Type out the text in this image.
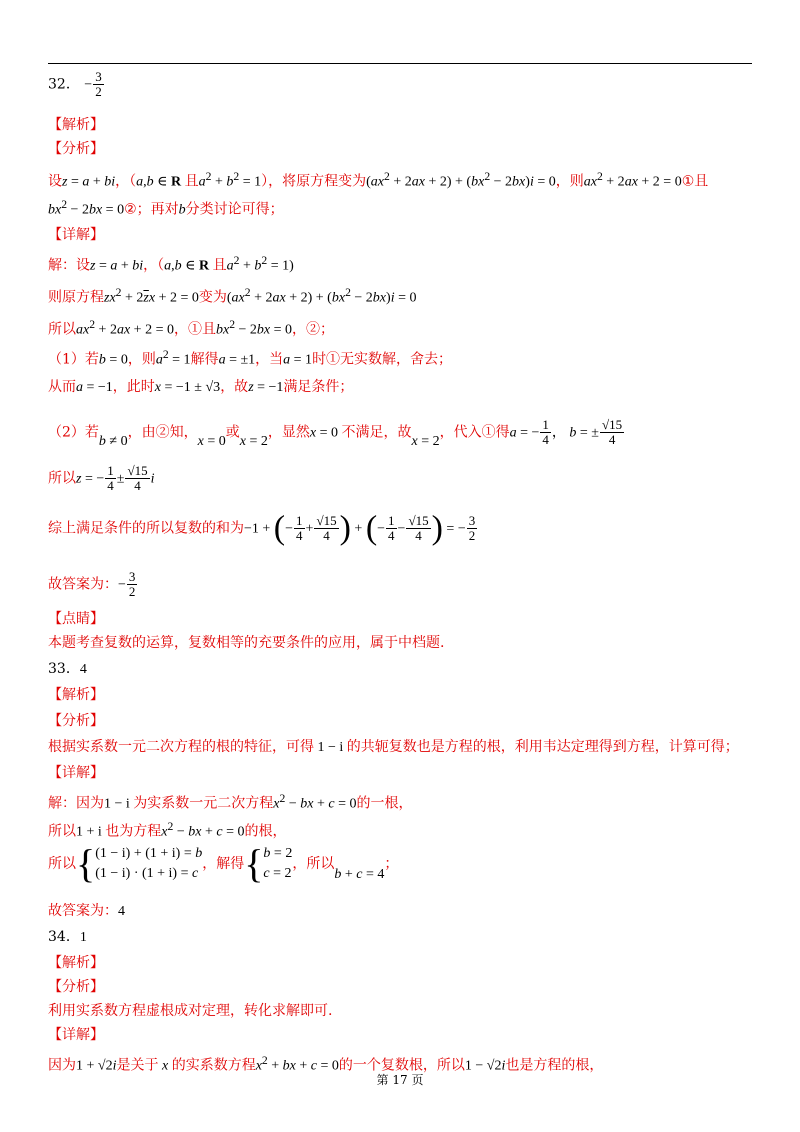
32． − $\frac{3}{2}$
【解析】
【分析】
设z = a + bi，（a,b ∈ R 且$a^2 + b^2 = 1$），将原方程变为$(ax^2 + 2ax + 2) + (bx^2 - 2bx)i = 0$，则$ax^2 + 2ax + 2$ = 0①且
$bx^2 - 2bx$ = 0②；再对b分类讨论可得；
【详解】
解：设z = a + bi，（a,b ∈ R 且$a^2 + b^2 = 1$)
则原方程$zx^2 + 2\overline{z}x + 2 = 0$变为$(ax^2 + 2ax + 2) + (bx^2 - 2bx)i = 0$
所以$ax^2 + 2ax + 2 = 0$，①且$bx^2 - 2bx = 0$，②；
（1）若b = 0，则$a^2 = 1$解得a = ±1，当a = 1时①无实数解，舍去；
从而a = −1，此时x = −1 ± √3，故z = −1满足条件；
（2）若b ≠ 0，由②知，x = 0或x = 2，显然x = 0 不满足，故x = 2，代入①得a = − $\frac{1}{4}$ ， b = ± $\frac{√15}{4}$
所以z = − $\frac{1}{4} \pm \frac{√15}{4}$ i
综上满足条件的所以复数的和为−1 + (− $\frac{1}{4} + \frac{√15}{4}$ ) + (− $\frac{1}{4} - \frac{√15}{4}$ ) = − $\frac{3}{2}$
故答案为：− $\frac{3}{2}$
【点睛】
本题考查复数的运算，复数相等的充要条件的应用，属于中档题.
33．4
【解析】
【分析】
根据实系数一元二次方程的根的特征，可得 1 − i 的共轭复数也是方程的根，利用韦达定理得到方程，计算可得；
【详解】
解：因为1 − i 为实系数一元二次方程$x^2$ − bx + c = 0的一根，
所以1 + i 也为方程$x^2$ − bx + c = 0的根，
所以{ (1 − i) + (1 + i) = b
(1 − i) · (1 + i) = c
，解得{ b = 2
c = 2
，所以b + c = 4；
故答案为：4
34．1
【解析】
【分析】
利用实系数方程虚根成对定理，转化求解即可.
【详解】
因为1 + √2i是关于 x 的实系数方程$x^2$ + bx + c = 0的一个复数根，所以1 − √2i也是方程的根，
第 17 页
